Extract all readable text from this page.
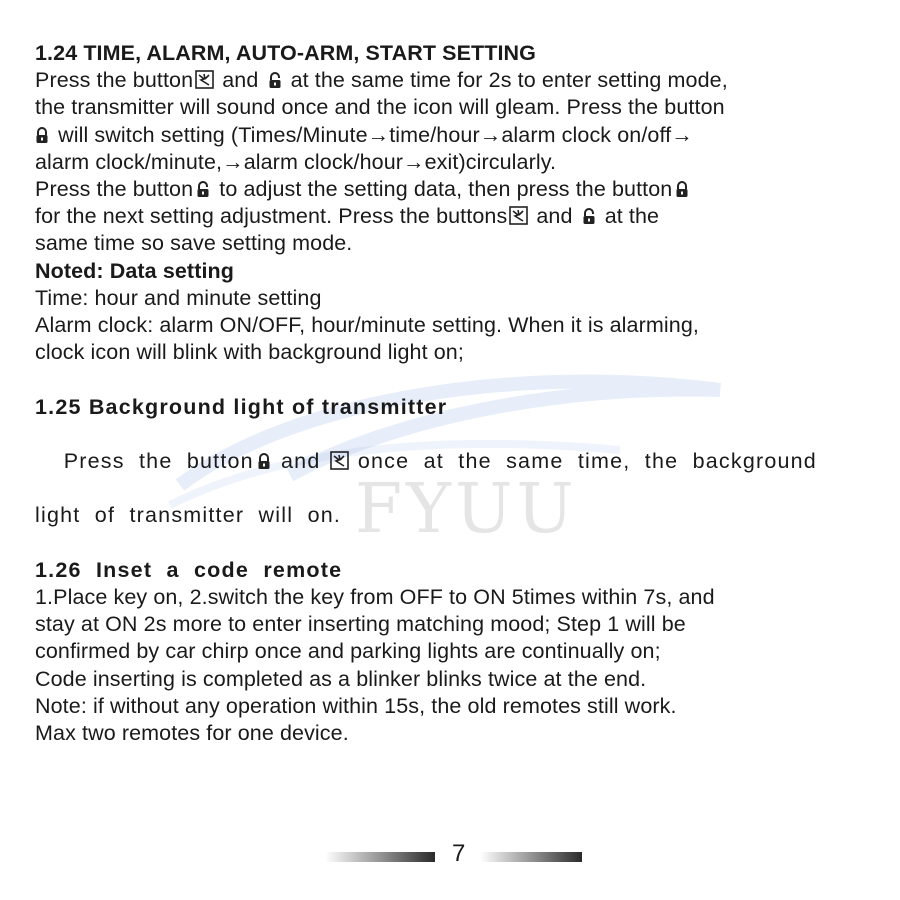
FYUU
1.24 TIME, ALARM, AUTO-ARM, START SETTING
Press the button
and
at the same time for 2s to enter setting mode,
the transmitter will sound once and the icon will gleam. Press the button
will switch setting (Times/Minute→time/hour→alarm clock on/off→
alarm clock/minute,→alarm clock/hour→exit)circularly.
Press the button
to adjust the setting data, then press the button
for the next setting adjustment. Press the buttons
and
at the
same time so save setting mode.
Noted: Data setting
Time: hour and minute setting
Alarm clock: alarm ON/OFF, hour/minute setting. When it is alarming,
clock icon will blink with background light on;
1.25 Background light of transmitter

Press  the  button
and
once  at  the  same  time,  the  background

light  of  transmitter  will  on.
1.26  Inset  a  code  remote
1.Place key on, 2.switch the key from OFF to ON 5times within 7s, and
stay at ON 2s more to enter inserting matching mood; Step 1 will be
confirmed by car chirp once and parking lights are continually on;
Code inserting is completed as a blinker blinks twice at the end.
Note: if without any operation within 15s, the old remotes still work.
Max two remotes for one device.
7
